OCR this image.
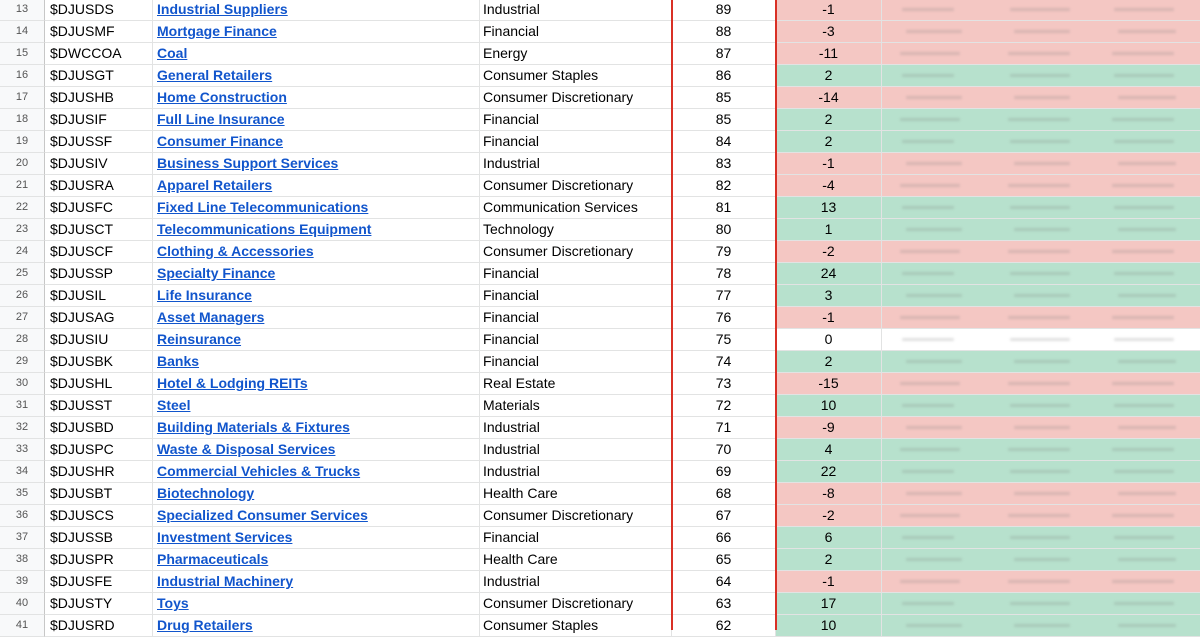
13	$DJUSDS	Industrial Suppliers	Industrial	89	-1
14	$DJUSMF	Mortgage Finance	Financial	88	-3
15	$DWCCOA	Coal	Energy	87	-11
16	$DJUSGT	General Retailers	Consumer Staples	86	2
17	$DJUSHB	Home Construction	Consumer Discretionary	85	-14
18	$DJUSIF	Full Line Insurance	Financial	85	2
19	$DJUSSF	Consumer Finance	Financial	84	2
20	$DJUSIV	Business Support Services	Industrial	83	-1
21	$DJUSRA	Apparel Retailers	Consumer Discretionary	82	-4
22	$DJUSFC	Fixed Line Telecommunications	Communication Services	81	13
23	$DJUSCT	Telecommunications Equipment	Technology	80	1
24	$DJUSCF	Clothing & Accessories	Consumer Discretionary	79	-2
25	$DJUSSP	Specialty Finance	Financial	78	24
26	$DJUSIL	Life Insurance	Financial	77	3
27	$DJUSAG	Asset Managers	Financial	76	-1
28	$DJUSIU	Reinsurance	Financial	75	0
29	$DJUSBK	Banks	Financial	74	2
30	$DJUSHL	Hotel & Lodging REITs	Real Estate	73	-15
31	$DJUSST	Steel	Materials	72	10
32	$DJUSBD	Building Materials & Fixtures	Industrial	71	-9
33	$DJUSPC	Waste & Disposal Services	Industrial	70	4
34	$DJUSHR	Commercial Vehicles & Trucks	Industrial	69	22
35	$DJUSBT	Biotechnology	Health Care	68	-8
36	$DJUSCS	Specialized Consumer Services	Consumer Discretionary	67	-2
37	$DJUSSB	Investment Services	Financial	66	6
38	$DJUSPR	Pharmaceuticals	Health Care	65	2
39	$DJUSFE	Industrial Machinery	Industrial	64	-1
40	$DJUSTY	Toys	Consumer Discretionary	63	17
41	$DJUSRD	Drug Retailers	Consumer Staples	62	10
